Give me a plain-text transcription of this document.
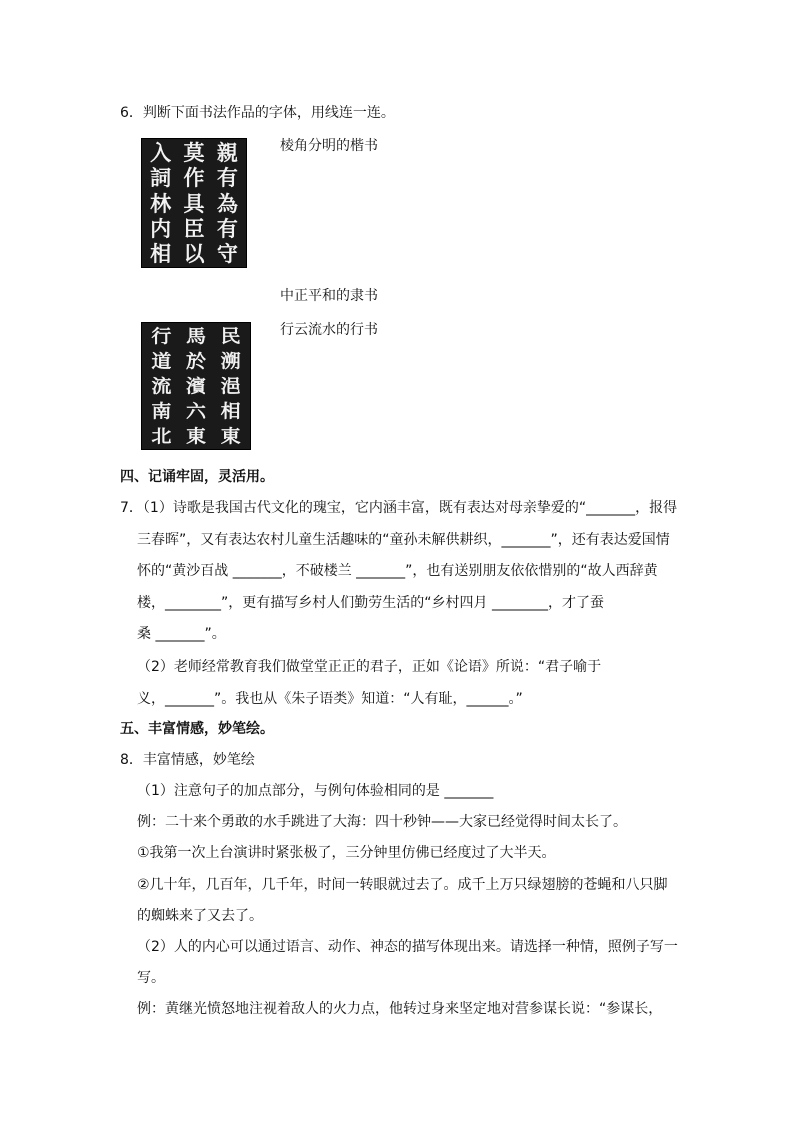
6．判断下面书法作品的字体，用线连一连。
親
有
為
有
守
莫
作
具
臣
以
入
詞
林
内
相
棱角分明的楷书
中正平和的隶书
行云流水的行书
民
溯
浥
相
東
馬
於
濱
六
東
行
道
流
南
北
四、记诵牢固，灵活用。
7．（1）诗歌是我国古代文化的瑰宝，它内涵丰富，既有表达对母亲挚爱的“_______，报得
三春晖”，又有表达农村儿童生活趣味的“童孙未解供耕织，_______”，还有表达爱国情
怀的“黄沙百战 _______，不破楼兰 _______”，也有送别朋友依依惜别的“故人西辞黄
楼，________”，更有描写乡村人们勤劳生活的“乡村四月 ________，才了蚕
桑 _______”。
（2）老师经常教育我们做堂堂正正的君子，正如《论语》所说：“君子喻于
义，_______”。我也从《朱子语类》知道：“人有耻，______。”
五、丰富情感，妙笔绘。
8．丰富情感，妙笔绘
（1）注意句子的加点部分，与例句体验相同的是 _______
例：二十来个勇敢的水手跳进了大海：四十秒钟——大家已经觉得时间太长了。
①我第一次上台演讲时紧张极了，三分钟里仿佛已经度过了大半天。
②几十年，几百年，几千年，时间一转眼就过去了。成千上万只绿翅膀的苍蝇和八只脚
的蜘蛛来了又去了。
（2）人的内心可以通过语言、动作、神态的描写体现出来。请选择一种情，照例子写一
写。
例：黄继光愤怒地注视着敌人的火力点，他转过身来坚定地对营参谋长说：“参谋长，
